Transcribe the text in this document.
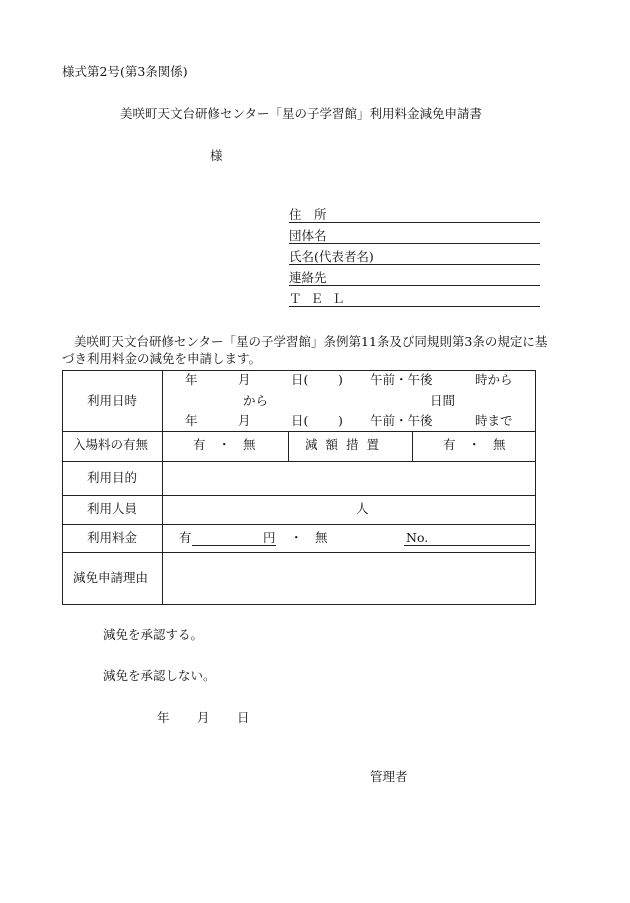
様式第2号(第3条関係)
美咲町天文台研修センター「星の子学習館」利用料金減免申請書
様
住　所
団体名
氏名(代表者名)
連絡先
ＴＥＬ
美咲町天文台研修センター「星の子学習館」条例第11条及び同規則第3条の規定に基
づき利用料金の減免を申請します。
利用日時
年	月	日( ) 午前・午後	時から
から	日間
年	月	日( ) 午前・午後	時まで
入場料の有無	有　・　無	減額措置	有　・　無
利用目的
利用人員	人
利用料金	有	円 ・　無	No.
減免申請理由
減免を承認する。
減免を承認しない。
年 月 日
管理者
